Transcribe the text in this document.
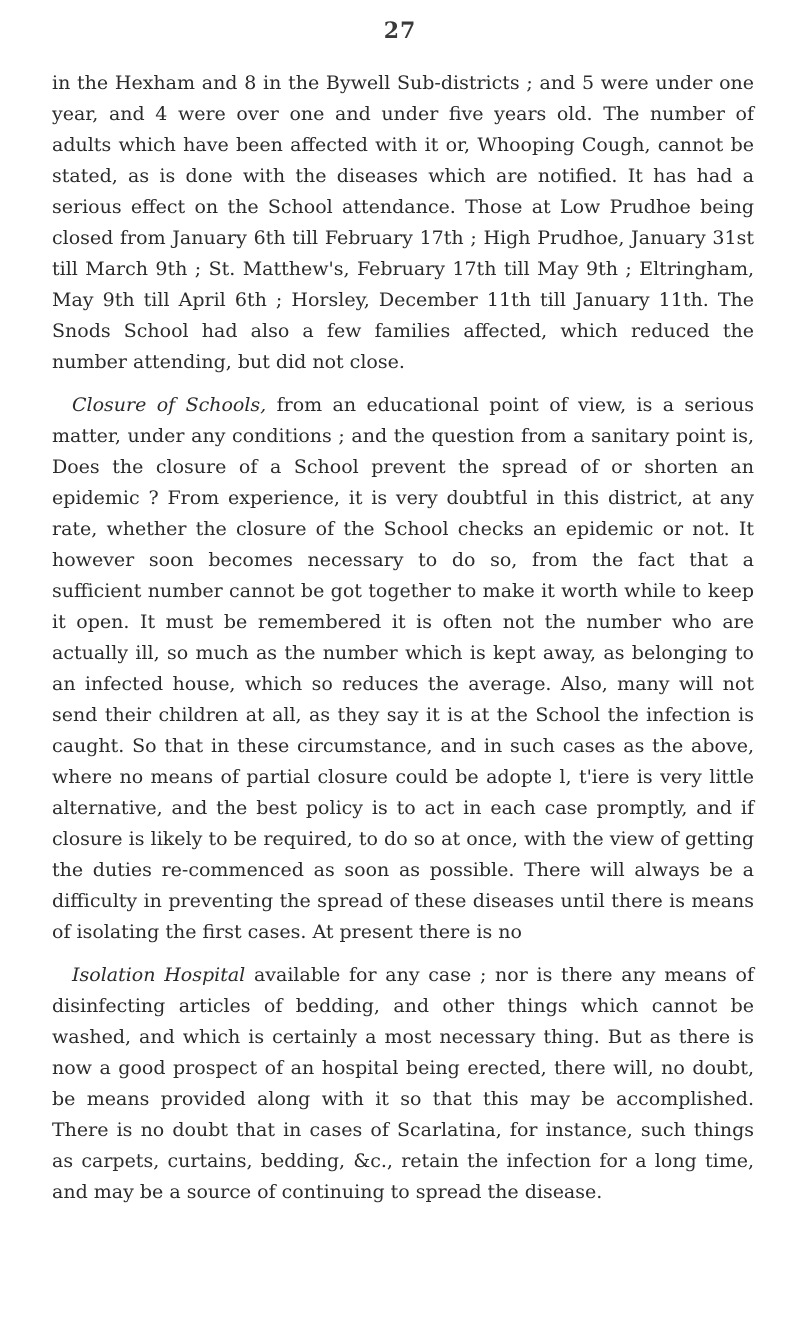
27

in the Hexham and 8 in the Bywell Sub-districts ; and 5 were under one year, and 4 were over one and under five years old. The number of adults which have been affected with it or, Whooping Cough, cannot be stated, as is done with the diseases which are notified. It has had a serious effect on the School attendance. Those at Low Prudhoe being closed from January 6th till February 17th ; High Prudhoe, January 31st till March 9th ; St. Matthew's, February 17th till May 9th ; Eltringham, May 9th till April 6th ; Horsley, December 11th till January 11th. The Snods School had also a few families affected, which reduced the number attending, but did not close.

Closure of Schools, from an educational point of view, is a serious matter, under any conditions ; and the question from a sanitary point is, Does the closure of a School prevent the spread of or shorten an epidemic ? From experience, it is very doubtful in this district, at any rate, whether the closure of the School checks an epidemic or not. It however soon becomes necessary to do so, from the fact that a sufficient number cannot be got together to make it worth while to keep it open. It must be remembered it is often not the number who are actually ill, so much as the number which is kept away, as belonging to an infected house, which so reduces the average. Also, many will not send their children at all, as they say it is at the School the infection is caught. So that in these circumstance, and in such cases as the above, where no means of partial closure could be adopte l, t'iere is very little alternative, and the best policy is to act in each case promptly, and if closure is likely to be required, to do so at once, with the view of getting the duties re-commenced as soon as possible. There will always be a difficulty in preventing the spread of these diseases until there is means of isolating the first cases. At present there is no

Isolation Hospital available for any case ; nor is there any means of disinfecting articles of bedding, and other things which cannot be washed, and which is certainly a most necessary thing. But as there is now a good prospect of an hospital being erected, there will, no doubt, be means provided along with it so that this may be accomplished. There is no doubt that in cases of Scarlatina, for instance, such things as carpets, curtains, bedding, &c., retain the infection for a long time, and may be a source of continuing to spread the disease.
